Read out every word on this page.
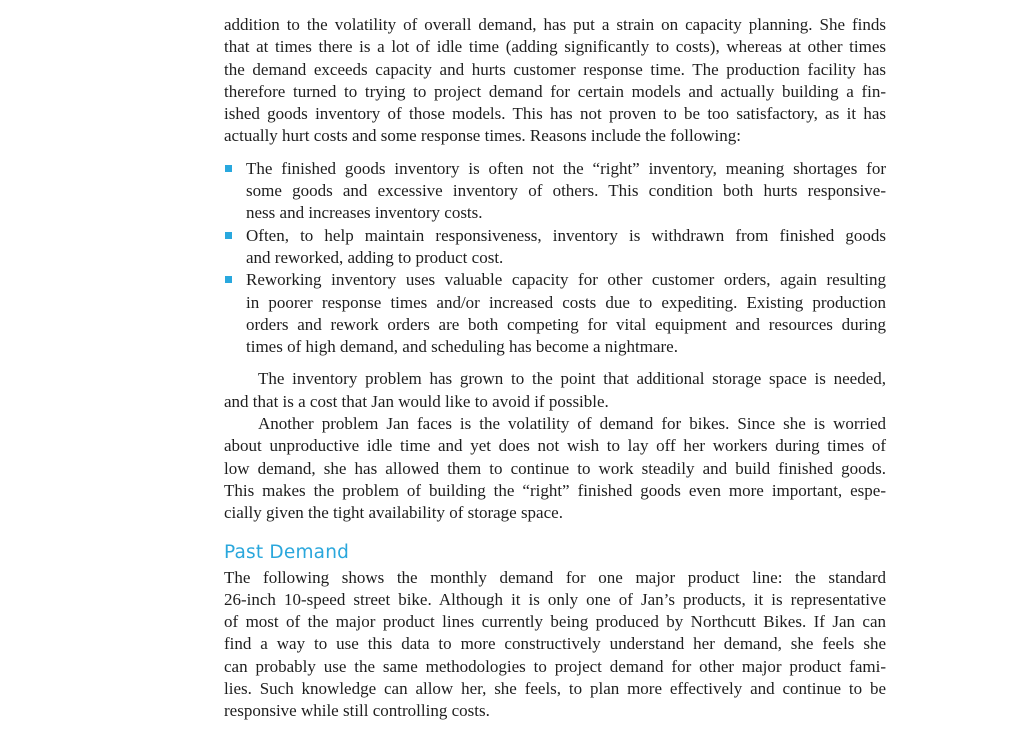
addition to the volatility of overall demand, has put a strain on capacity planning. She finds
that at times there is a lot of idle time (adding significantly to costs), whereas at other times
the demand exceeds capacity and hurts customer response time. The production facility has
therefore turned to trying to project demand for certain models and actually building a fin-
ished goods inventory of those models. This has not proven to be too satisfactory, as it has
actually hurt costs and some response times. Reasons include the following:
The finished goods inventory is often not the “right” inventory, meaning shortages for
some goods and excessive inventory of others. This condition both hurts responsive-
ness and increases inventory costs.
Often, to help maintain responsiveness, inventory is withdrawn from finished goods
and reworked, adding to product cost.
Reworking inventory uses valuable capacity for other customer orders, again resulting
in poorer response times and/or increased costs due to expediting. Existing production
orders and rework orders are both competing for vital equipment and resources during
times of high demand, and scheduling has become a nightmare.
The inventory problem has grown to the point that additional storage space is needed,
and that is a cost that Jan would like to avoid if possible.
Another problem Jan faces is the volatility of demand for bikes. Since she is worried
about unproductive idle time and yet does not wish to lay off her workers during times of
low demand, she has allowed them to continue to work steadily and build finished goods.
This makes the problem of building the “right” finished goods even more important, espe-
cially given the tight availability of storage space.
Past Demand
The following shows the monthly demand for one major product line: the standard
26-inch 10-speed street bike. Although it is only one of Jan’s products, it is representative
of most of the major product lines currently being produced by Northcutt Bikes. If Jan can
find a way to use this data to more constructively understand her demand, she feels she
can probably use the same methodologies to project demand for other major product fami-
lies. Such knowledge can allow her, she feels, to plan more effectively and continue to be
responsive while still controlling costs.
